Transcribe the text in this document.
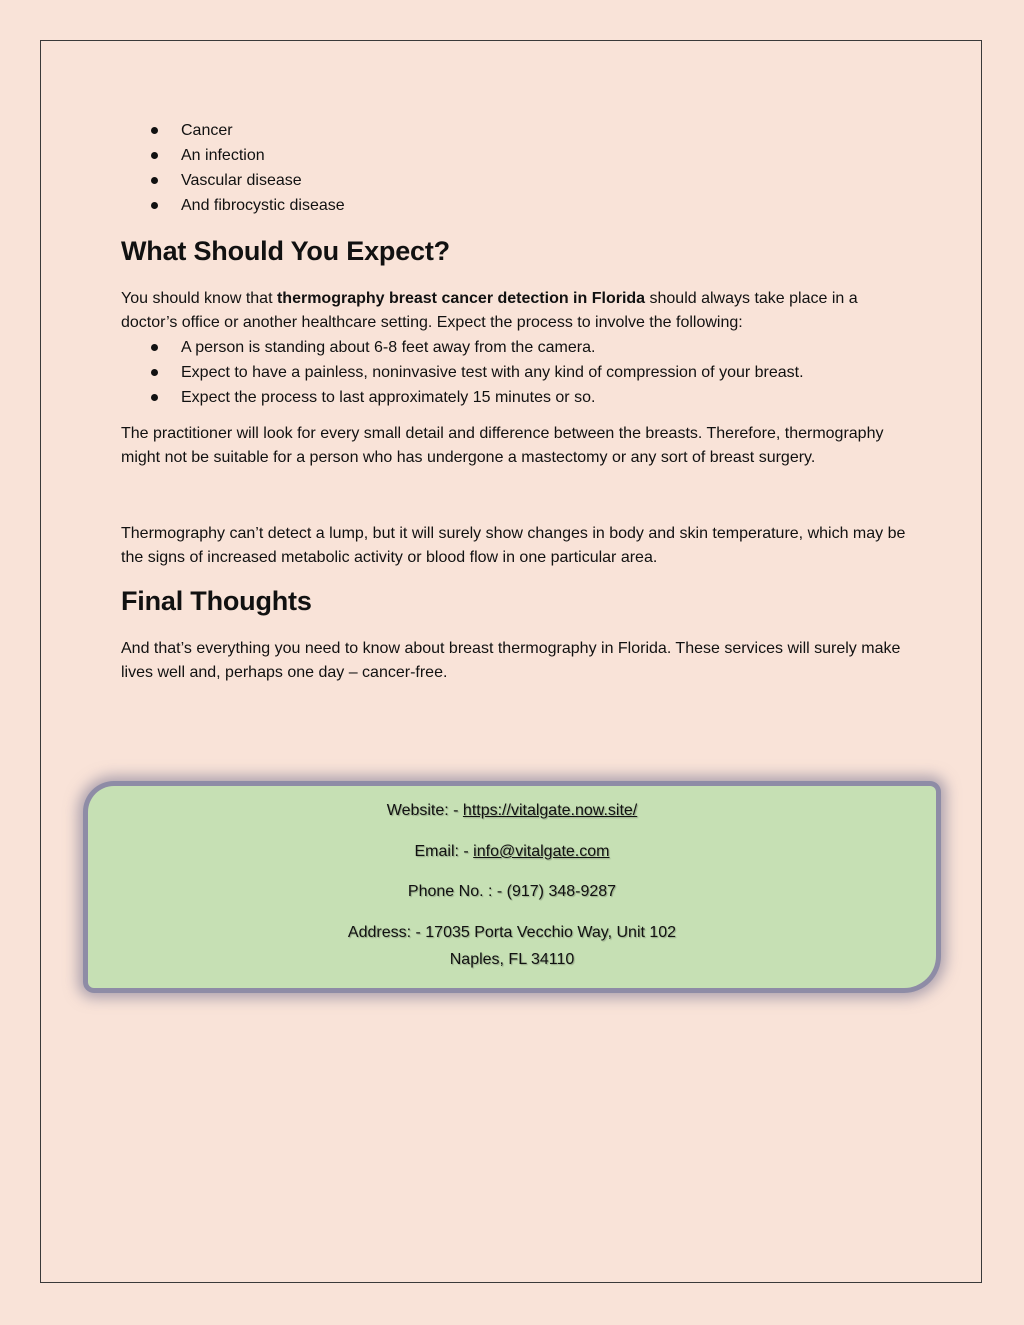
Cancer
An infection
Vascular disease
And fibrocystic disease
What Should You Expect?

You should know that thermography breast cancer detection in Florida should always take place in a doctor’s office or another healthcare setting. Expect the process to involve the following:

A person is standing about 6-8 feet away from the camera.
Expect to have a painless, noninvasive test with any kind of compression of your breast.
Expect the process to last approximately 15 minutes or so.

The practitioner will look for every small detail and difference between the breasts. Therefore, thermography might not be suitable for a person who has undergone a mastectomy or any sort of breast surgery.

Thermography can’t detect a lump, but it will surely show changes in body and skin temperature, which may be the signs of increased metabolic activity or blood flow in one particular area.

Final Thoughts

And that’s everything you need to know about breast thermography in Florida. These services will surely make lives well and, perhaps one day – cancer-free.

Website: - https://vitalgate.now.site/
Email: - info@vitalgate.com
Phone No. : - (917) 348-9287
Address: - 17035 Porta Vecchio Way, Unit 102
Naples, FL 34110
